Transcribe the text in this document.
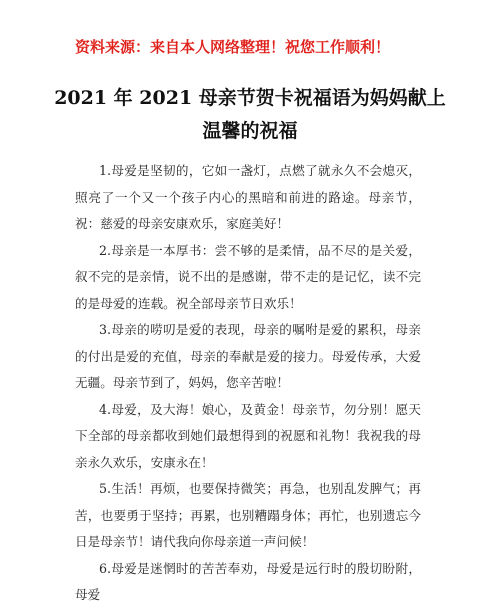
资料来源：来自本人网络整理！祝您工作顺利！
2021 年 2021 母亲节贺卡祝福语为妈妈献上温馨的祝福

1.母爱是坚韧的，它如一盏灯，点燃了就永久不会熄灭，照亮了一个又一个孩子内心的黑暗和前进的路途。母亲节，祝：慈爱的母亲安康欢乐，家庭美好！

2.母亲是一本厚书：尝不够的是柔情，品不尽的是关爱，叙不完的是亲情，说不出的是感谢，带不走的是记忆，读不完的是母爱的连载。祝全部母亲节日欢乐！

3.母亲的唠叨是爱的表现，母亲的嘱咐是爱的累积，母亲的付出是爱的充值，母亲的奉献是爱的接力。母爱传承，大爱无疆。母亲节到了，妈妈，您辛苦啦！

4.母爱，及大海！娘心，及黄金！母亲节，勿分别！愿天下全部的母亲都收到她们最想得到的祝愿和礼物！我祝我的母亲永久欢乐，安康永在！

5.生活！再烦，也要保持微笑；再急，也别乱发脾气；再苦，也要勇于坚持；再累，也别糟蹋身体；再忙，也别遗忘今日是母亲节！请代我向你母亲道一声问候！

6.母爱是迷惘时的苦苦奉劝，母爱是远行时的殷切盼附，母爱
